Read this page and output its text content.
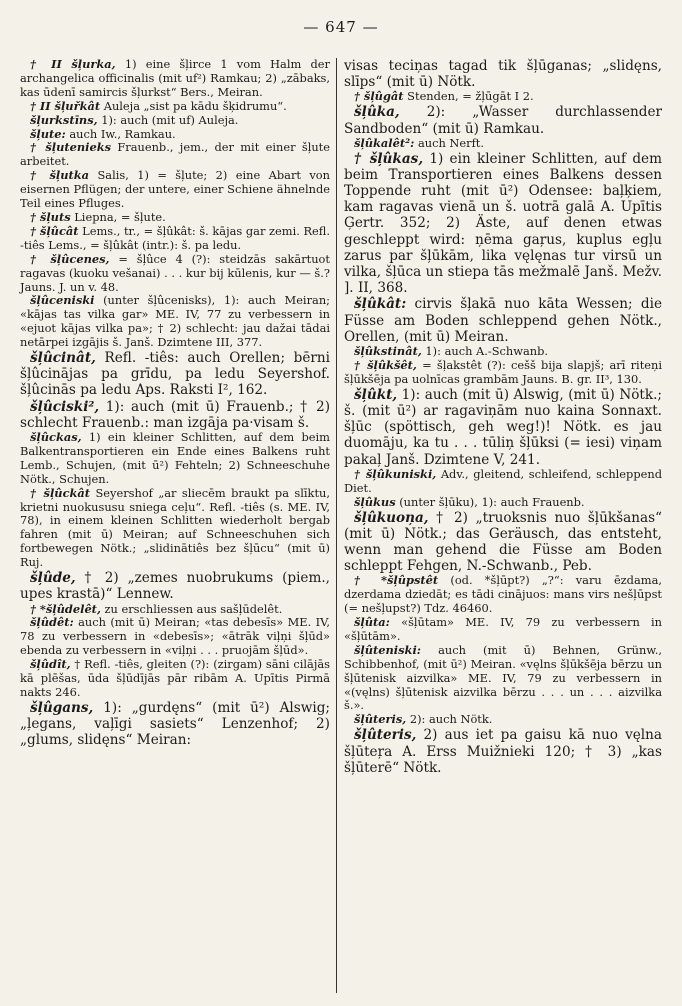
— 647 —
† II šļurka, 1) eine šļirce 1 vom Halm der archangelica officinalis (mit uf²) Ramkau; 2) „zābaks, kas ūdenī samircis šļurkst“ Bers., Meiran.
† II šļuřkât Auleja „sist pa kādu šķidrumu“.
šļurkstīns, 1): auch (mit uf) Auleja.
šļute: auch Iw., Ramkau.
† šļutenieks Frauenb., jem., der mit einer šļute arbeitet.
† šļutka Salis, 1) = šļute; 2) eine Abart von eisernen Pflügen; der untere, einer Schiene ähnelnde Teil eines Pfluges.
† šļuts Liepna, = šļute.
† šļûcât Lems., tr., = šļûkât: š. kājas gar zemi. Refl. -tiês Lems., = šļûkât (intr.): š. pa ledu.
† šļûcenes, = šļûce 4 (?): steidzās sakārtuot ragavas (kuoku vešanai) . . . kur bij kūlenis, kur — š.? Jauns. J. un v. 48.
šļûceniski (unter šļûcenisks), 1): auch Meiran; «kājas tas vilka gar» ME. IV, 77 zu verbessern in «ejuot kājas vilka pa»; † 2) schlecht: jau dažai tādai netārpei izgājis š. Janš. Dzimtene III, 377.
šļûcinât, Refl. -tiês: auch Orellen; bērni šļûcinājas pa grīdu, pa ledu Seyershof. šļûcinās pa ledu Aps. Raksti I², 162.
šļûciski², 1): auch (mit ū) Frauenb.; † 2) schlecht Frauenb.: man izgāja pa·visam š.
šļûckas, 1) ein kleiner Schlitten, auf dem beim Balkentransportieren ein Ende eines Balkens ruht Lemb., Schujen, (mit ū²) Fehteln; 2) Schneeschuhe Nötk., Schujen.
† šļûckât Seyershof „ar sliecēm braukt pa slīktu, krietni nuokususu sniega ceļu“. Refl. -tiês (s. ME. IV, 78), in einem kleinen Schlitten wiederholt bergab fahren (mit ū) Meiran; auf Schneeschuhen sich fortbewegen Nötk.; „slidinātiês bez šļūcu“ (mit ū) Ruj.
šļûde, † 2) „zemes nuobrukums (piem., upes krastā)“ Lennew.
† *šļûdelêt, zu erschliessen aus sašļūdelêt.
šļûdêt: auch (mit ū) Meiran; «tas debesīs» ME. IV, 78 zu verbessern in «debesīs»; «ātrāk viļņi šļūd» ebenda zu verbessern in «viļņi . . . pruojām šļūd».
šļûdît, † Refl. -tiês, gleiten (?): (zirgam) sāni cilājās kā plēšas, ūda šļūdījās pār ribām A. Upītis Pirmā nakts 246.
šļûgans, 1): „gurdęns“ (mit ū²) Alswig; „ļegans, vaļīgi sasiets“ Lenzenhof; 2) „glums, slidęns“ Meiran:
visas teciņas tagad tik šļūganas; „slidęns, slīps“ (mit ū) Nötk.
† šļûgât Stenden, = žļūgāt I 2.
šļûka, 2): „Wasser durchlassender Sandboden“ (mit ū) Ramkau.
šļûkalêt²: auch Nerft.
† šļûkas, 1) ein kleiner Schlitten, auf dem beim Transportieren eines Balkens dessen Toppende ruht (mit ū²) Odensee: baļķiem, kam ragavas vienā un š. uotrā galā A. Upītis Ģertr. 352; 2) Äste, auf denen etwas geschleppt wird: ņēma gaŗus, kuplus egļu zarus par šļūkām, lika vęlęnas tur virsū un vilka, šļūca un stiepa tās mežmalē Janš. Mežv. ]. II, 368.
šļûkât: cirvis šļakā nuo kāta Wessen; die Füsse am Boden schleppend gehen Nötk., Orellen, (mit ū) Meiran.
šļûkstinât, 1): auch A.-Schwanb.
† šļûkšêt, = šļakstêt (?): cešš bija slapjš; arī riteņi šļūkšēja pa uolnīcas grambām Jauns. B. gr. II³, 130.
šļûkt, 1): auch (mit ū) Alswig, (mit ū) Nötk.; š. (mit ū²) ar ragaviņām nuo kaina Sonnaxt. šļūc (spöttisch, geh weg!)! Nötk. es jau duomāju, ka tu . . . tūliņ šļūksi (= iesi) viņam pakaļ Janš. Dzimtene V, 241.
† šļûkuniski, Adv., gleitend, schleifend, schleppend Diet.
šļûkus (unter šļūku), 1): auch Frauenb.
šļûkuoņa, † 2) „truoksnis nuo šļūkšanas“ (mit ū) Nötk.; das Geräusch, das entsteht, wenn man gehend die Füsse am Boden schleppt Fehgen, N.-Schwanb., Peb.
† *šļûpstêt (od. *šļūpt?) „?“: varu ēzdama, dzerdama dziedāt; es tādi cinājuos: mans virs nešļūpst (= nešļupst?) Tdz. 46460.
šļûta: «šļūtam» ME. IV, 79 zu verbessern in «šļūtām».
šļûteniski: auch (mit ū) Behnen, Grünw., Schibbenhof, (mit ū²) Meiran. «vęlns šļūkšēja bērzu un šļūtenisk aizvilka» ME. IV, 79 zu verbessern in «(vęlns) šļūtenisk aizvilka bērzu . . . un . . . aizvilka š.».
šļûteris, 2): auch Nötk.
šļûteris, 2) aus iet pa gaisu kā nuo vęlna šļūteŗa A. Erss Muižnieki 120; † 3) „kas šļūterē“ Nötk.
